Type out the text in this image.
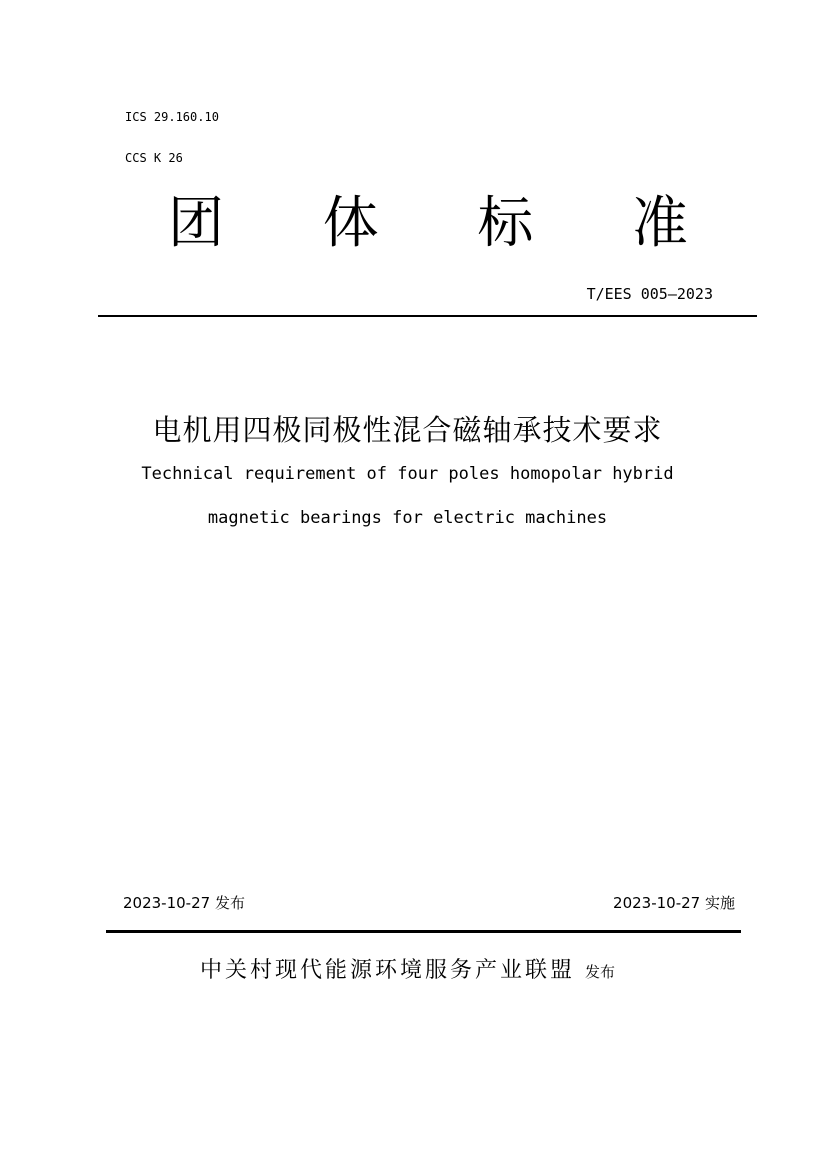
ICS 29.160.10
CCS K 26
团 体 标 准
T/EES 005—2023
电机用四极同极性混合磁轴承技术要求
Technical requirement of four poles homopolar hybrid
magnetic bearings for electric machines
2023-10-27 发布	2023-10-27 实施
中关村现代能源环境服务产业联盟 发布
